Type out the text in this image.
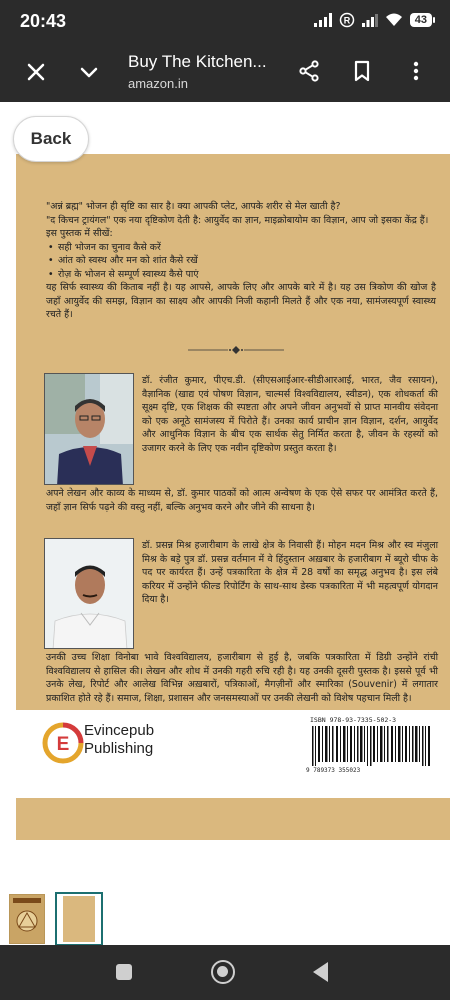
20:43	R	43
Buy The Kitchen...
amazon.in
"अन्नं ब्रह्म" भोजन ही सृष्टि का सार है। क्या आपकी प्लेट, आपके शरीर से मेल खाती है?
"द किचन ट्रायंगल" एक नया दृष्टिकोण देती है: आयुर्वेद का ज्ञान, माइक्रोबायोम का विज्ञान, आप जो इसका केंद्र हैं। इस पुस्तक में सीखें:
• सही भोजन का चुनाव कैसे करें
• आंत को स्वस्थ और मन को शांत कैसे रखें
• रोज़ के भोजन से सम्पूर्ण स्वास्थ्य कैसे पाएं
यह सिर्फ स्वास्थ्य की किताब नहीं है। यह आपसे, आपके लिए और आपके बारे में है। यह उस त्रिकोण की खोज है जहाँ आयुर्वेद की समझ, विज्ञान का साक्ष्य और आपकी निजी कहानी मिलते हैं और एक नया, सामंजस्यपूर्ण स्वास्थ्य रचते हैं।
डॉ. रंजीत कुमार, पीएच.डी. (सीएसआईआर-सीडीआरआई, भारत, जैव रसायन), वैज्ञानिक (खाद्य एवं पोषण विज्ञान, चाल्मर्स विश्वविद्यालय, स्वीडन), एक शोधकर्ता की सूक्ष्म दृष्टि, एक शिक्षक की स्पष्टता और अपने जीवन अनुभवों से प्राप्त मानवीय संवेदना को एक अनूठे सामंजस्य में पिरोते हैं। उनका कार्य प्राचीन ज्ञान विज्ञान, दर्शन, आयुर्वेद और आधुनिक विज्ञान के बीच एक सार्थक सेतु निर्मित करता है, जीवन के रहस्यों को उजागर करने के लिए एक नवीन दृष्टिकोण प्रस्तुत करता है।
अपने लेखन और काव्य के माध्यम से, डॉ. कुमार पाठकों को आत्म अन्वेषण के एक ऐसे सफर पर आमंत्रित करते हैं, जहाँ ज्ञान सिर्फ पढ़ने की वस्तु नहीं, बल्कि अनुभव करने और जीने की साधना है।
डॉ. प्रसन्न मिश्र हजारीबाग के लाखे क्षेत्र के निवासी हैं। मोहन मदन मिश्र और स्व मंजुला मिश्र के बड़े पुत्र डॉ. प्रसन्न वर्तमान में वे हिंदुस्तान अख़बार के हजारीबाग में ब्यूरो चीफ के पद पर कार्यरत हैं। उन्हें पत्रकारिता के क्षेत्र में 28 वर्षों का समृद्ध अनुभव है। इस लंबे करियर में उन्होंने फील्ड रिपोर्टिंग के साथ-साथ डेस्क पत्रकारिता में भी महत्वपूर्ण योगदान दिया है।
उनकी उच्च शिक्षा विनोबा भावे विश्वविद्यालय, हजारीबाग से हुई है, जबकि पत्रकारिता में डिग्री उन्होंने रांची विश्वविद्यालय से हासिल की। लेखन और शोध में उनकी गहरी रुचि रही है। यह उनकी दूसरी पुस्तक है। इससे पूर्व भी उनके लेख, रिपोर्ट और आलेख विभिन्न अख़बारों, पत्रिकाओं, मैगज़ीनों और स्मारिका (Souvenir) में लगातार प्रकाशित होते रहे हैं। समाज, शिक्षा, प्रशासन और जनसमस्याओं पर उनकी लेखनी को विशेष पहचान मिली है।
E
Evincepub
Publishing
ISBN 978-93-7335-502-3
9 789373 355023
Back
